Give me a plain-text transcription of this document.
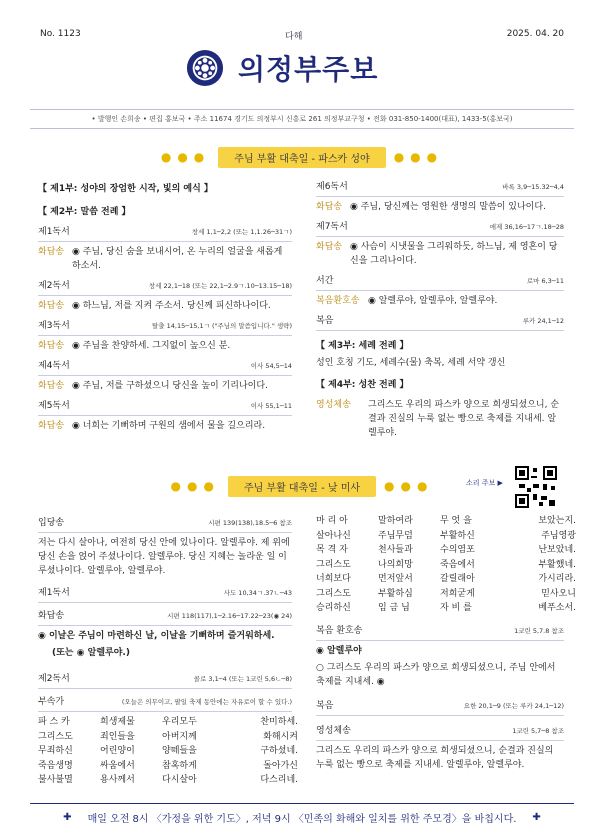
No. 1123	다해	2025. 04. 20
의정부주보
• 발행인 손희송 • 편집 홍보국 • 주소 11674 경기도 의정부시 신흥로 261 의정부교구청 • 전화 031-850-1400(대표), 1433-5(홍보국)
●●●	주님 부활 대축일 - 파스카 성야	●●●
【 제1부: 성야의 장엄한 시작, 빛의 예식 】
【 제2부: 말씀 전례 】
제1독서	창세 1,1─2,2 (또는 1,1.26─31ㄱ)
화답송 ◉ 주님, 당신 숨을 보내시어, 온 누리의 얼굴을 새롭게 하소서.
제2독서	창세 22,1─18 (또는 22,1─2.9ㄱ.10─13.15─18)
화답송 ◉ 하느님, 저를 지켜 주소서. 당신께 피신하나이다.
제3독서	탈출 14,15─15,1ㄱ ("주님의 말씀입니다." 생략)
화답송 ◉ 주님을 찬양하세. 그지없이 높으신 분.
제4독서	이사 54,5─14
화답송 ◉ 주님, 저를 구하셨으니 당신을 높이 기리나이다.
제5독서	이사 55,1─11
화답송 ◉ 너희는 기뻐하며 구원의 샘에서 물을 길으리라.
제6독서	바록 3,9─15.32─4,4
화답송 ◉ 주님, 당신께는 영원한 생명의 말씀이 있나이다.
제7독서	에제 36,16─17ㄱ.18─28
화답송 ◉ 사슴이 시냇물을 그리워하듯, 하느님, 제 영혼이 당신을 그리나이다.
서간	로마 6,3─11
복음환호송 ◉ 알렐루야, 알렐루야, 알렐루야.
복음	루카 24,1─12
【 제3부: 세례 전례 】
성인 호칭 기도, 세례수(물) 축복, 세례 서약 갱신
【 제4부: 성찬 전례 】
영성체송	그리스도 우리의 파스카 양으로 희생되셨으니, 순결과 진실의 누룩 없는 빵으로 축제를 지내세. 알렐루야.
●●●	주님 부활 대축일 - 낮 미사	●●●	소리 주보 ▶
입당송	시편 139(138),18.5─6 참조
저는 다시 살아나, 여전히 당신 안에 있나이다. 알렐루야. 제 위에 당신 손을 얹어 주셨나이다. 알렐루야. 당신 지혜는 놀라운 일 이루셨나이다. 알렐루야, 알렐루야.
제1독서	사도 10,34ㄱ.37ㄴ─43
화답송	시편 118(117),1─2.16─17.22─23(◉ 24)
◉ 이날은 주님이 마련하신 날, 이날을 기뻐하며 즐거워하세.
(또는 ◉ 알렐루야.)
제2독서	콜로 3,1─4 (또는 1코린 5,6ㄴ─8)
부속가	(오늘은 의무이고, 팔일 축제 동안에는 자유로이 할 수 있다.)
파 스 카	희생제물	우리모두	찬미하세.
그리스도	죄인들을	아버지께	화해시켜
무죄하신	어린양이	양떼들을	구하셨네.
죽음생명	싸움에서	참혹하게	돌아가신
불사불멸	용사께서	다시살아	다스리네.
마 리 아	말하여라	무 엇 을	보았는지.
살아나신	주님무덤	부활하신	주님영광
목 격 자	천사들과	수의염포	난보았네.
그리스도	나의희망	죽음에서	부활했네.
너희보다	먼저앞서	갈릴래아	가시리라.
그리스도	부활하심	저희굳게	믿사오니
승리하신	임 금 님	자 비 를	베푸소서.
복음 환호송	1코린 5,7.8 참조
◉ 알렐루야
○ 그리스도 우리의 파스카 양으로 희생되셨으니, 주님 안에서 축제를 지내세. ◉
복음	요한 20,1─9 (또는 루카 24,1─12)
영성체송	1코린 5,7─8 참조
그리스도 우리의 파스카 양으로 희생되셨으니, 순결과 진실의 누룩 없는 빵으로 축제를 지내세. 알렐루야, 알렐루야.
✚ 매일 오전 8시 〈가정을 위한 기도〉, 저녁 9시 〈민족의 화해와 일치를 위한 주모경〉을 바칩시다. ✚
